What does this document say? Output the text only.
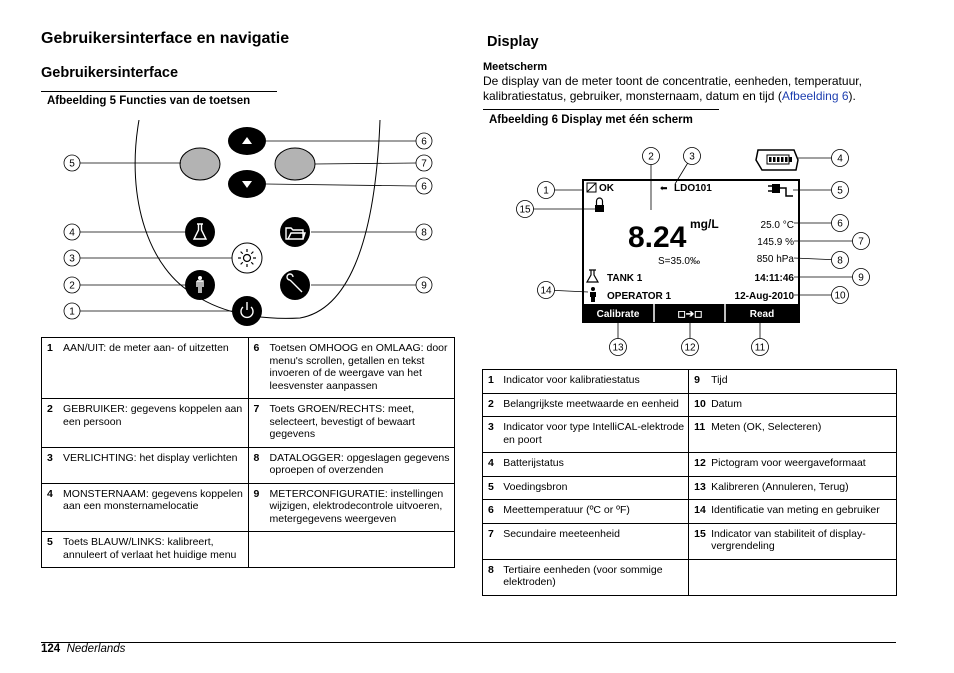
Gebruikersinterface en navigatie
Gebruikersinterface
Afbeelding 5 Functies van de toetsen
5
6
7
6
4	8
3
2	9
1
1	AAN/UIT: de meter aan- of uitzetten	6	Toetsen OMHOOG en OMLAAG: door menu's scrollen, getallen en tekst invoeren of de weergave van het leesvenster aanpassen
2	GEBRUIKER: gegevens koppelen aan een persoon	7	Toets GROEN/RECHTS: meet, selecteert, bevestigt of bewaart gegevens
3	VERLICHTING: het display verlichten	8	DATALOGGER: opgeslagen gegevens oproepen of overzenden
4	MONSTERNAAM: gegevens koppelen aan een monsternamelocatie	9	METERCONFIGURATIE: instellingen wijzigen, elektrodecontrole uitvoeren, metergegevens weergeven
5	Toets BLAUW/LINKS: kalibreert, annuleert of verlaat het huidige menu		
Display
Meetscherm
De display van de meter toont de concentratie, eenheden, temperatuur, kalibratiestatus, gebruiker, monsternaam, datum en tijd (Afbeelding 6).
Afbeelding 6 Display met één scherm
OK	⬅ LDO101
8.24 mg/L
S=35.0‰
25.0 °C
145.9 %
850 hPa
14:11:46
12-Aug-2010
TANK 1
OPERATOR 1
Calibrate	◻➔◻	Read
1
2	3	4
5
6
7
8
9
10
11
12
13
14
15
1	Indicator voor kalibratiestatus	9	Tijd
2	Belangrijkste meetwaarde en eenheid	10	Datum
3	Indicator voor type IntelliCAL-elektrode en poort	11	Meten (OK, Selecteren)
4	Batterijstatus	12	Pictogram voor weergaveformaat
5	Voedingsbron	13	Kalibreren (Annuleren, Terug)
6	Meettemperatuur (ºC or ºF)	14	Identificatie van meting en gebruiker
7	Secundaire meeteenheid	15	Indicator van stabiliteit of display-vergrendeling
8	Tertiaire eenheden (voor sommige elektroden)		
124 Nederlands
